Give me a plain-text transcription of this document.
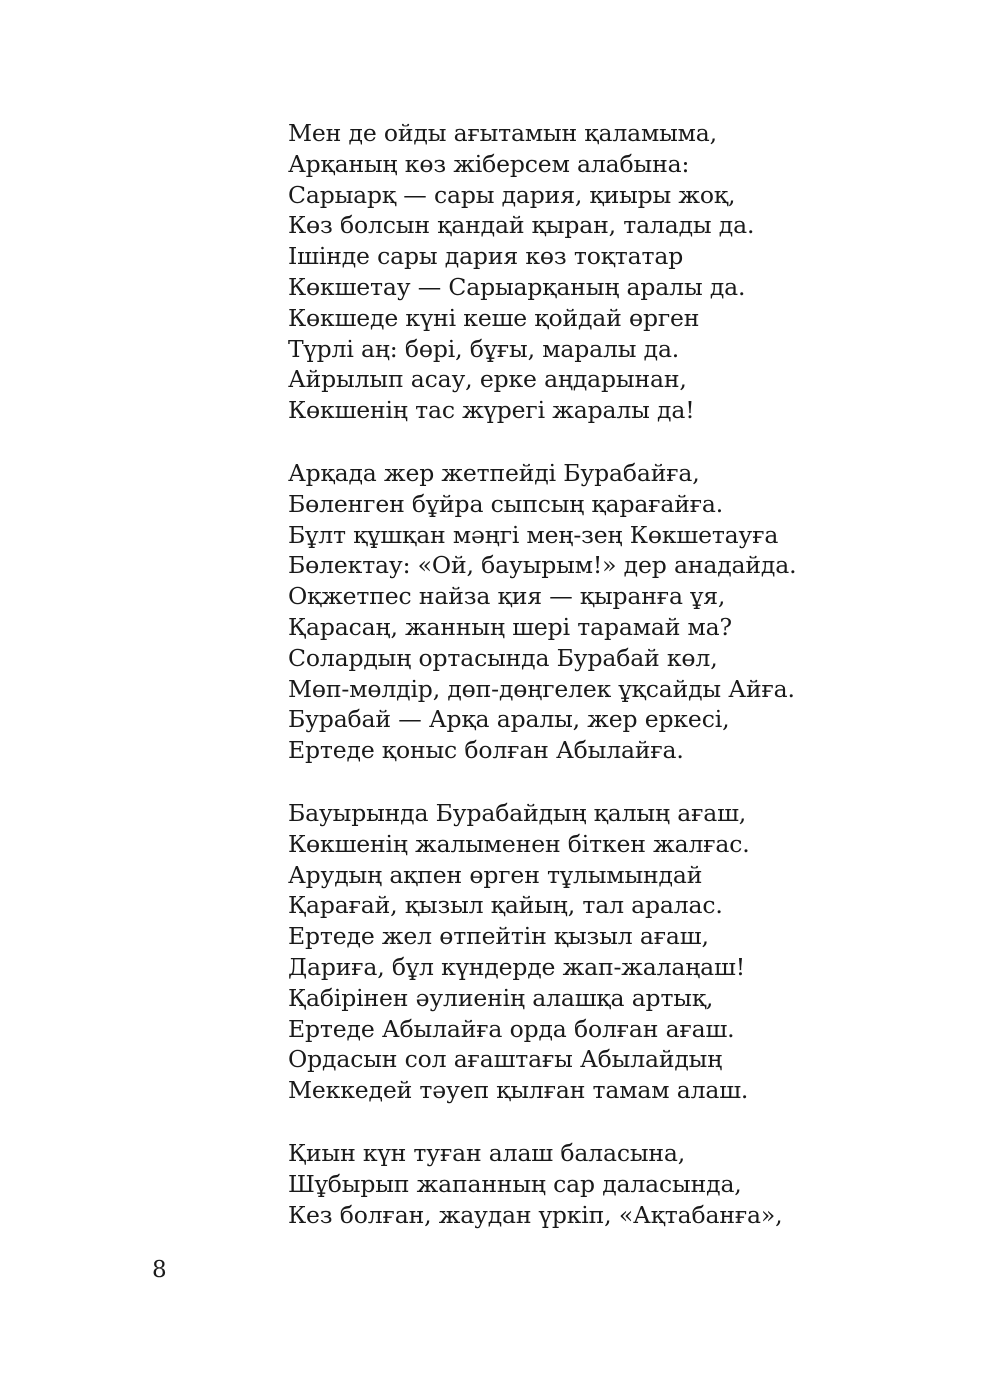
Мен де ойды ағытамын қаламыма,
Арқаның көз жіберсем алабына:
Сарыарқ — сары дария, қиыры жоқ,
Көз болсын қандай қыран, талады да.
Ішінде сары дария көз тоқтатар
Көкшетау — Сарыарқаның аралы да.
Көкшеде күні кеше қойдай өрген
Түрлі аң: бөрі, бұғы, маралы да.
Айрылып асау, ерке аңдарынан,
Көкшенің тас жүрегі жаралы да!
Арқада жер жетпейді Бурабайға,
Бөленген бұйра сыпсың қарағайға.
Бұлт құшқан мәңгі мең-зең Көкшетауға
Бөлектау: «Ой, бауырым!» дер анадайда.
Оқжетпес найза қия — қыранға ұя,
Қарасаң, жанның шері тарамай ма?
Солардың ортасында Бурабай көл,
Мөп-мөлдір, дөп-дөңгелек ұқсайды Айға.
Бурабай — Арқа аралы, жер еркесі,
Ертеде қоныс болған Абылайға.
Бауырында Бурабайдың қалың ағаш,
Көкшенің жалыменен біткен жалғас.
Арудың ақпен өрген тұлымындай
Қарағай, қызыл қайың, тал аралас.
Ертеде жел өтпейтін қызыл ағаш,
Дариға, бұл күндерде жап-жалаңаш!
Қабірінен әулиенің алашқа артық,
Ертеде Абылайға орда болған ағаш.
Ордасын сол ағаштағы Абылайдың
Меккедей тәуеп қылған тамам алаш.
Қиын күн туған алаш баласына,
Шұбырып жапанның сар даласында,
Кез болған, жаудан үркіп, «Ақтабанға»,
8
